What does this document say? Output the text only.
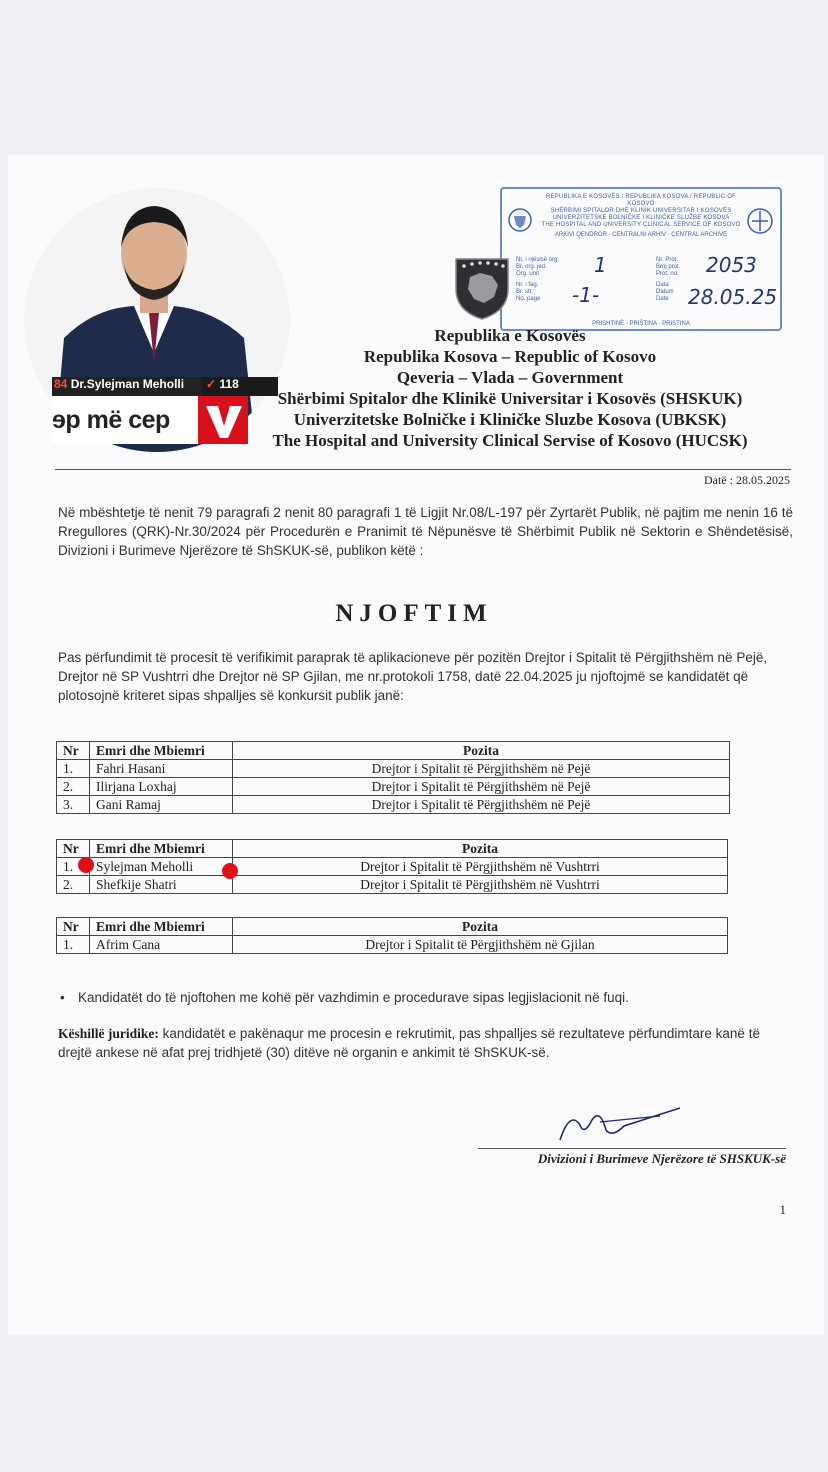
REPUBLIKA E KOSOVËS / REPUBLIKA KOSOVA / REPUBLIC OF KOSOVO
SHËRBIMI SPITALOR DHE KLINIK UNIVERSITAR I KOSOVËS
UNIVERZITETSKE BOLNIČKE I KLINIČKE SLUŽBE KOSOVA
THE HOSPITAL AND UNIVERSITY CLINICAL SERVICE OF KOSOVO
ARKIVI QENDROR · CENTRALNI ARHIV · CENTRAL ARCHIVE
Nr. i njësisë org.
Br. org. jed.
Org. unit
Nr. i fag.
Br. str.
No. page
Nr. Prot.
Broj prot.
Prot. no.
Data
Datum
Date
1	2053
-1-	28.05.25
PRISHTINË · PRIŠTINA · PRISTINA
Republika e Kosovës
Republika Kosova – Republic of Kosovo
Qeveria – Vlada – Government
Shërbimi Spitalor dhe Klinikë Universitar i Kosovës (SHSKUK)
Univerzitetske Bolničke i Kliničke Sluzbe Kosova (UBKSK)
The Hospital and University Clinical Servise of Kosovo (HUCSK)
Datë : 28.05.2025
Në mbështetje të nenit 79 paragrafi 2 nenit 80 paragrafi 1 të Ligjit Nr.08/L-197 për Zyrtarët Publik, në pajtim me nenin 16 të Rregullores (QRK)-Nr.30/2024 për Procedurën e Pranimit të Nëpunësve të Shërbimit Publik në Sektorin e Shëndetësisë, Divizioni i Burimeve Njerëzore të ShSKUK-së, publikon këtë :
NJOFTIM
Pas përfundimit të procesit të verifikimit paraprak të aplikacioneve për pozitën Drejtor i Spitalit të Përgjithshëm në Pejë, Drejtor në SP Vushtrri dhe Drejtor në SP Gjilan, me nr.protokoli 1758, datë 22.04.2025 ju njoftojmë se kandidatët që plotosojnë kriteret sipas shpalljes së konkursit publik janë:
Nr	Emri dhe Mbiemri	Pozita
1.	Fahri Hasani	Drejtor i Spitalit të Përgjithshëm në Pejë
2.	Ilirjana Loxhaj	Drejtor i Spitalit të Përgjithshëm në Pejë
3.	Gani Ramaj	Drejtor i Spitalit të Përgjithshëm në Pejë
Nr	Emri dhe Mbiemri	Pozita
1.	Sylejman Meholli	Drejtor i Spitalit të Përgjithshëm në Vushtrri
2.	Shefkije Shatri	Drejtor i Spitalit të Përgjithshëm në Vushtrri
Nr	Emri dhe Mbiemri	Pozita
1.	Afrim Cana	Drejtor i Spitalit të Përgjithshëm në Gjilan
• Kandidatët do të njoftohen me kohë për vazhdimin e procedurave sipas legjislacionit në fuqi.
Këshillë juridike: kandidatët e pakënaqur me procesin e rekrutimit, pas shpalljes së rezultateve përfundimtare kanë të drejtë ankese në afat prej tridhjetë (30) ditëve në organin e ankimit të ShSKUK-së.
Divizioni i Burimeve Njerëzore të SHSKUK-së
1
84 Dr.Sylejman Meholli	✓ 118
ɘp më cep
